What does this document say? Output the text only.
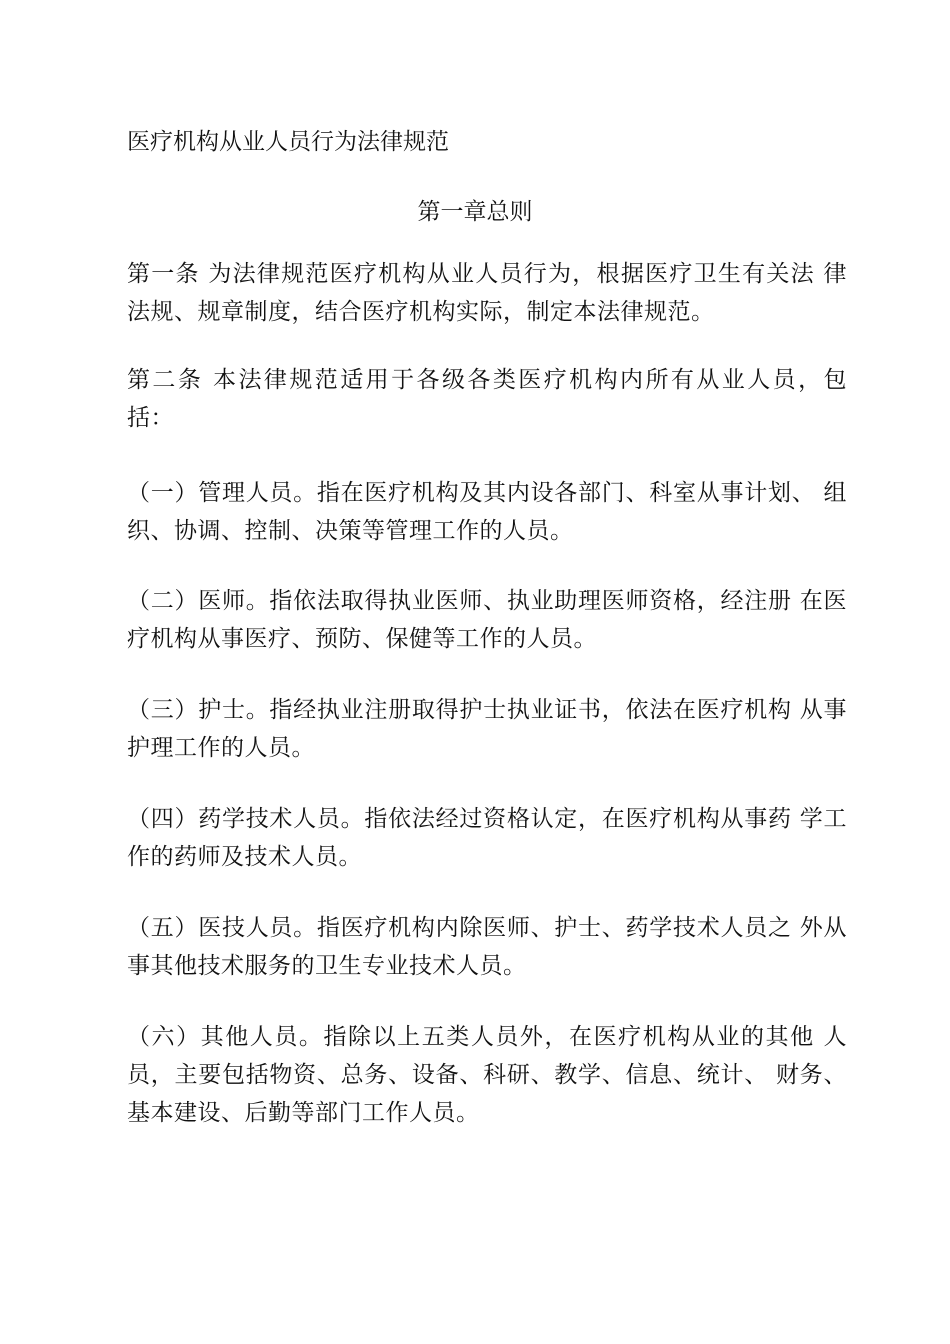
医疗机构从业人员行为法律规范
第一章总则
第一条 为法律规范医疗机构从业人员行为，根据医疗卫生有关法 律
法规、规章制度，结合医疗机构实际，制定本法律规范。
第二条 本法律规范适用于各级各类医疗机构内所有从业人员，包
括：
（一）管理人员。指在医疗机构及其内设各部门、科室从事计划、 组
织、协调、控制、决策等管理工作的人员。
（二）医师。指依法取得执业医师、执业助理医师资格，经注册 在医
疗机构从事医疗、预防、保健等工作的人员。
（三）护士。指经执业注册取得护士执业证书，依法在医疗机构 从事
护理工作的人员。
（四）药学技术人员。指依法经过资格认定，在医疗机构从事药 学工
作的药师及技术人员。
（五）医技人员。指医疗机构内除医师、护士、药学技术人员之 外从
事其他技术服务的卫生专业技术人员。
（六）其他人员。指除以上五类人员外，在医疗机构从业的其他 人
员，主要包括物资、总务、设备、科研、教学、信息、统计、 财务、
基本建设、后勤等部门工作人员。
